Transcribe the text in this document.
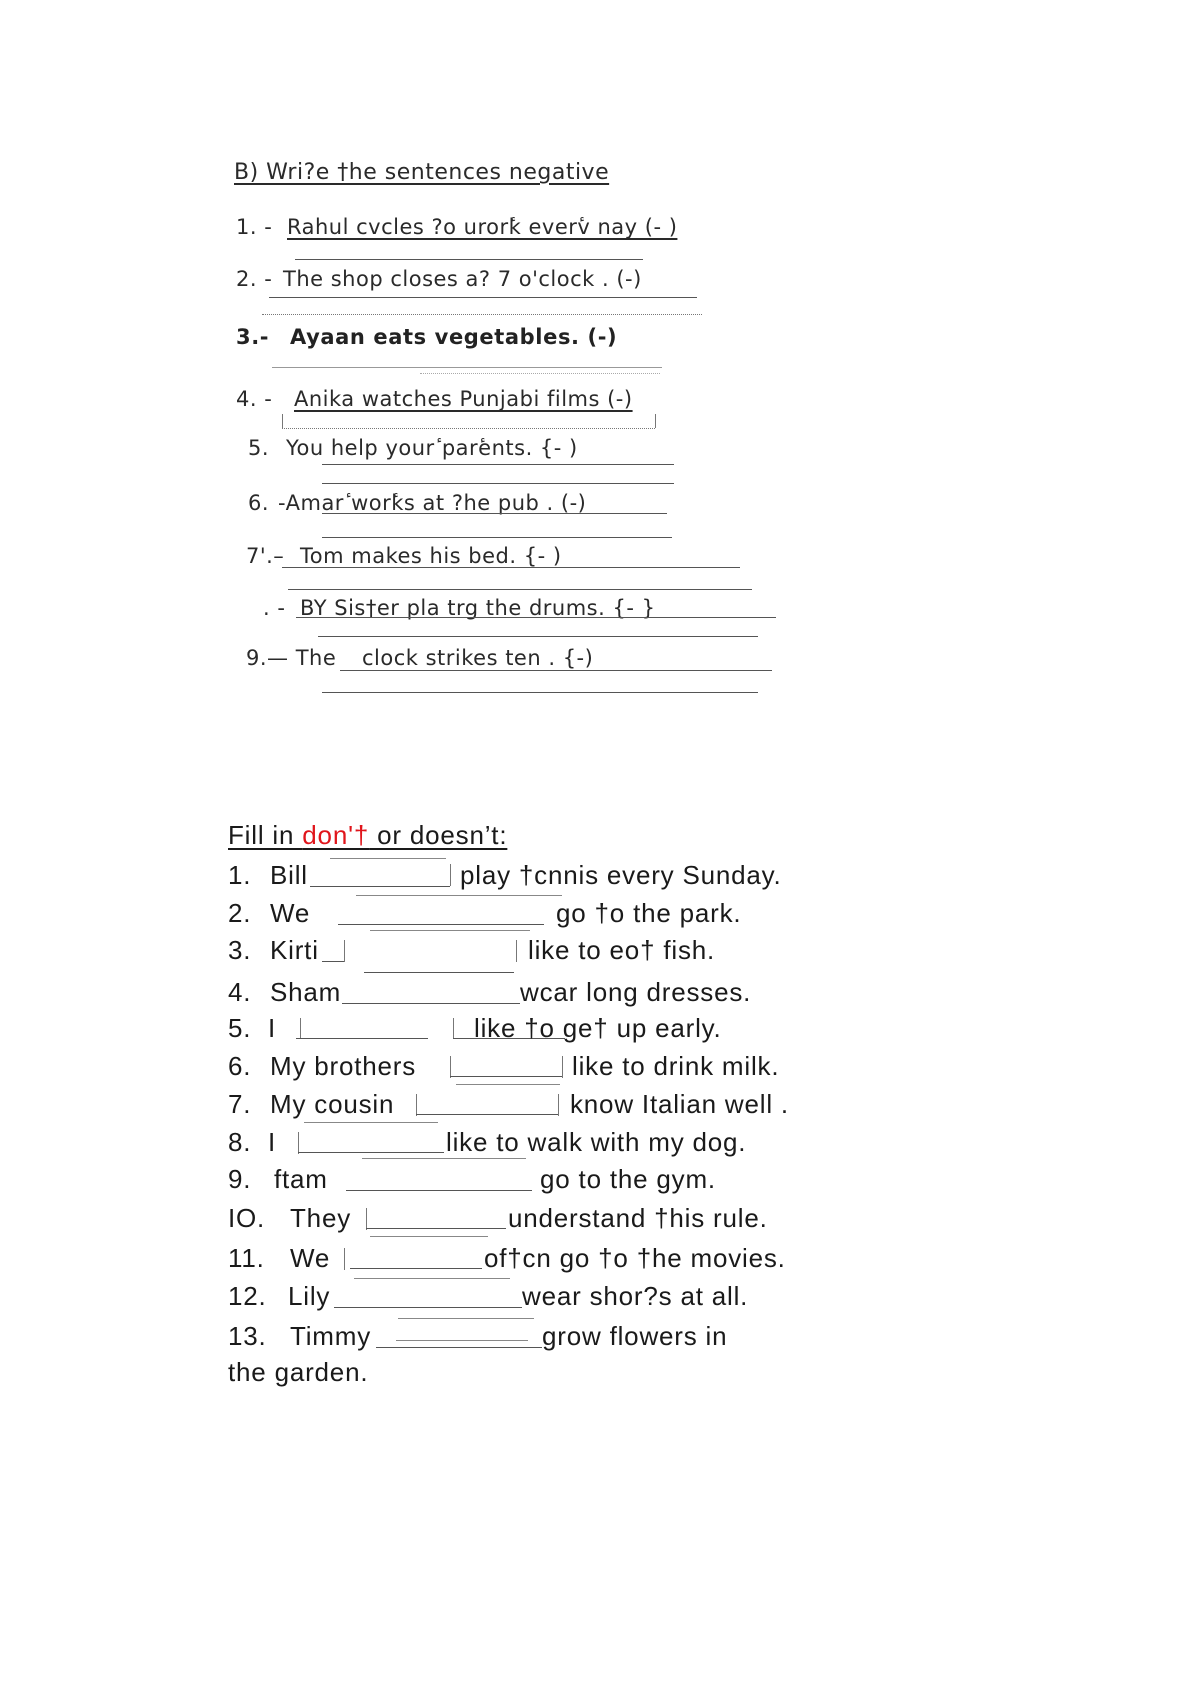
B) Wri?e †he sentences negative
1. - Rahul cvcles ?o urorٔk everٔv nay (- )
2. - The shop closes a? 7 o'clock . (-)
3.- Ayaan eats vegetables. (-)
4. - Anika watches Punjabi films (-)
5. You help yourٔ parٔents. {- )
6. -Amarٔ worٔks at ?he pub . (-)
7'.– Tom makes his bed. {- )
. - BY Sis†er pla trg the drums. {- }
9.— The clock strikes ten . {-)
Fill in don'† or doesn’t:
1. Bill	play †cnnis every Sunday.
2. We	go †o the park.
3. Kirti	like to eo† fish.
4. Sham	wcar long dresses.
5. I	like †o ge† up early.
6. My brothers	like to drink milk.
7. My cousin	know Italian well .
8. I	like to walk with my dog.
9. ftam	go to the gym.
IO. They	understand †his rule.
11. We	of†cn go †o †he movies.
12. Lily	wear shor?s at all.
13. Timmy	grow flowers in
the garden.
